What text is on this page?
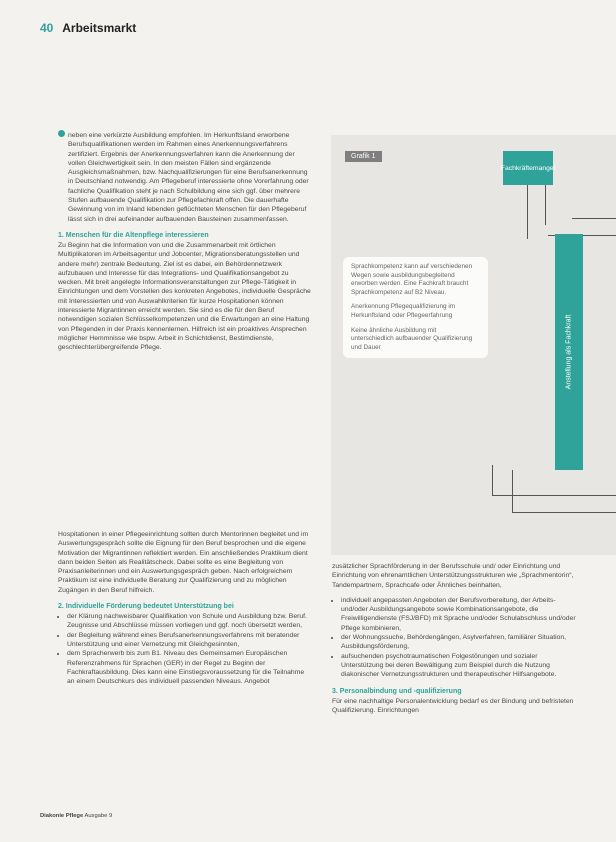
40 Arbeitsmarkt

neben eine verkürzte Ausbildung empfohlen. Im Herkunftsland erworbene Berufsqualifikationen werden im Rahmen eines Anerkennungsverfahrens zertifiziert. Ergebnis der Anerkennungsverfahren kann die Anerkennung der vollen Gleichwertigkeit sein. In den meisten Fällen sind ergänzende Ausgleichsmaßnahmen, bzw. Nachqualifizierungen für eine Berufsanerkennung in Deutschland notwendig. Am Pflegeberuf interessierte ohne Vorerfahrung oder fachliche Qualifikation steht je nach Schulbildung eine sich ggf. über mehrere Stufen aufbauende Qualifikation zur Pflegefachkraft offen. Die dauerhafte Gewinnung von im Inland lebenden geflüchteten Menschen für den Pflegeberuf lässt sich in drei aufeinander aufbauenden Bausteinen zusammenfassen.

1. Menschen für die Altenpflege interessieren

Zu Beginn hat die Information von und die Zusammenarbeit mit örtlichen Multiplikatoren im Arbeitsagentur und Jobcenter, Migrationsberatungsstellen und andere mehr) zentrale Bedeutung. Ziel ist es dabei, ein Behördennetzwerk aufzubauen und Interesse für das Integrations- und Qualifikationsangebot zu wecken. Mit breit angelegte Informationsveranstaltungen zur Pflege-Tätigkeit in Einrichtungen und dem Vorstellen des konkreten Angebotes, individuelle Gespräche mit Interessierten und von Auswahlkriterien für kurze Hospitationen können interessierte Migrantinnen erreicht werden. Sie sind es die für den Beruf notwendigen sozialen Schlüsselkompetenzen und die Erwartungen an eine Haltung von Pflegenden in der Praxis kennenlernen. Hilfreich ist ein proaktives Ansprechen möglicher Hemmnisse wie bspw. Arbeit in Schichtdienst, Bestimdienste, geschlechterübergreifende Pflege.

Hospitationen in einer Pflegeeinrichtung sollten durch Mentorinnen begleitet und im Auswertungsgespräch sollte die Eignung für den Beruf besprochen und die eigene Motivation der Migrantinnen reflektiert werden. Ein anschließendes Praktikum dient dann beiden Seiten als Realitätscheck. Dabei sollte es eine Begleitung von Praxisanleiterinnen und ein Auswertungsgespräch geben. Nach erfolgreichem Praktikum ist eine individuelle Beratung zur Qualifizierung und zu möglichen Zugängen in den Beruf hilfreich.

2. Individuelle Förderung bedeutet Unterstützung bei
• der Klärung nachweisbarer Qualifikation von Schule und Ausbildung bzw. Beruf. Zeugnisse und Abschlüsse müssen vorliegen und ggf. noch übersetzt werden,
• der Begleitung während eines Berufsanerkennungsverfahrens mit beratender Unterstützung und einer Vernetzung mit Gleichgesinnten,
• dem Spracherwerb bis zum B1. Niveau des Gemeinsamen Europäischen Referenzrahmens für Sprachen (GER) in der Regel zu Beginn der Fachkraftausbildung. Dies kann eine Einstiegsvoraussetzung für die Teilnahme an einem Deutschkurs des individuell passenden Niveaus. Angebot
Grafik 1
Fachkräftemangel
Anstellung als Fachkraft

Sprachkompetenz kann auf verschiedenen Wegen sowie ausbildungsbegleitend erworben werden. Eine Fachkraft braucht Sprachkompetenz auf B2 Niveau.

Anerkennung Pflegequalifizierung im Herkunftsland oder Pflegeerfahrung

Keine ähnliche Ausbildung mit unterschiedlich aufbauender Qualifizierung und Dauer

zusätzlicher Sprachförderung in der Berufsschule und/ oder Einrichtung und Einrichtung von ehrenamtlichen Unterstützungsstrukturen wie „Sprachmentorin“, Tandempartnern, Sprachcafe oder Ähnliches beinhalten,

• individuell angepassten Angeboten der Berufsvorbereitung, der Arbeits- und/oder Ausbildungsangebote sowie Kombinationsangebote, die Freiwilligendienste (FSJ/BFD) mit Sprache und/oder Schulabschluss und/oder Pflege kombinieren,
• der Wohnungssuche, Behördengängen, Asylverfahren, familiärer Situation, Ausbildungsförderung,
• aufsuchenden psychotraumatischen Folgestörungen und sozialer Unterstützung bei deren Bewältigung zum Beispiel durch die Nutzung diakonischer Vernetzungsstrukturen und therapeutischer Hilfsangebote.
3. Personalbindung und -qualifizierung

Für eine nachhaltige Personalentwicklung bedarf es der Bindung und befristeten Qualifizierung. Einrichtungen

Diakonie Pflege Ausgabe 9
